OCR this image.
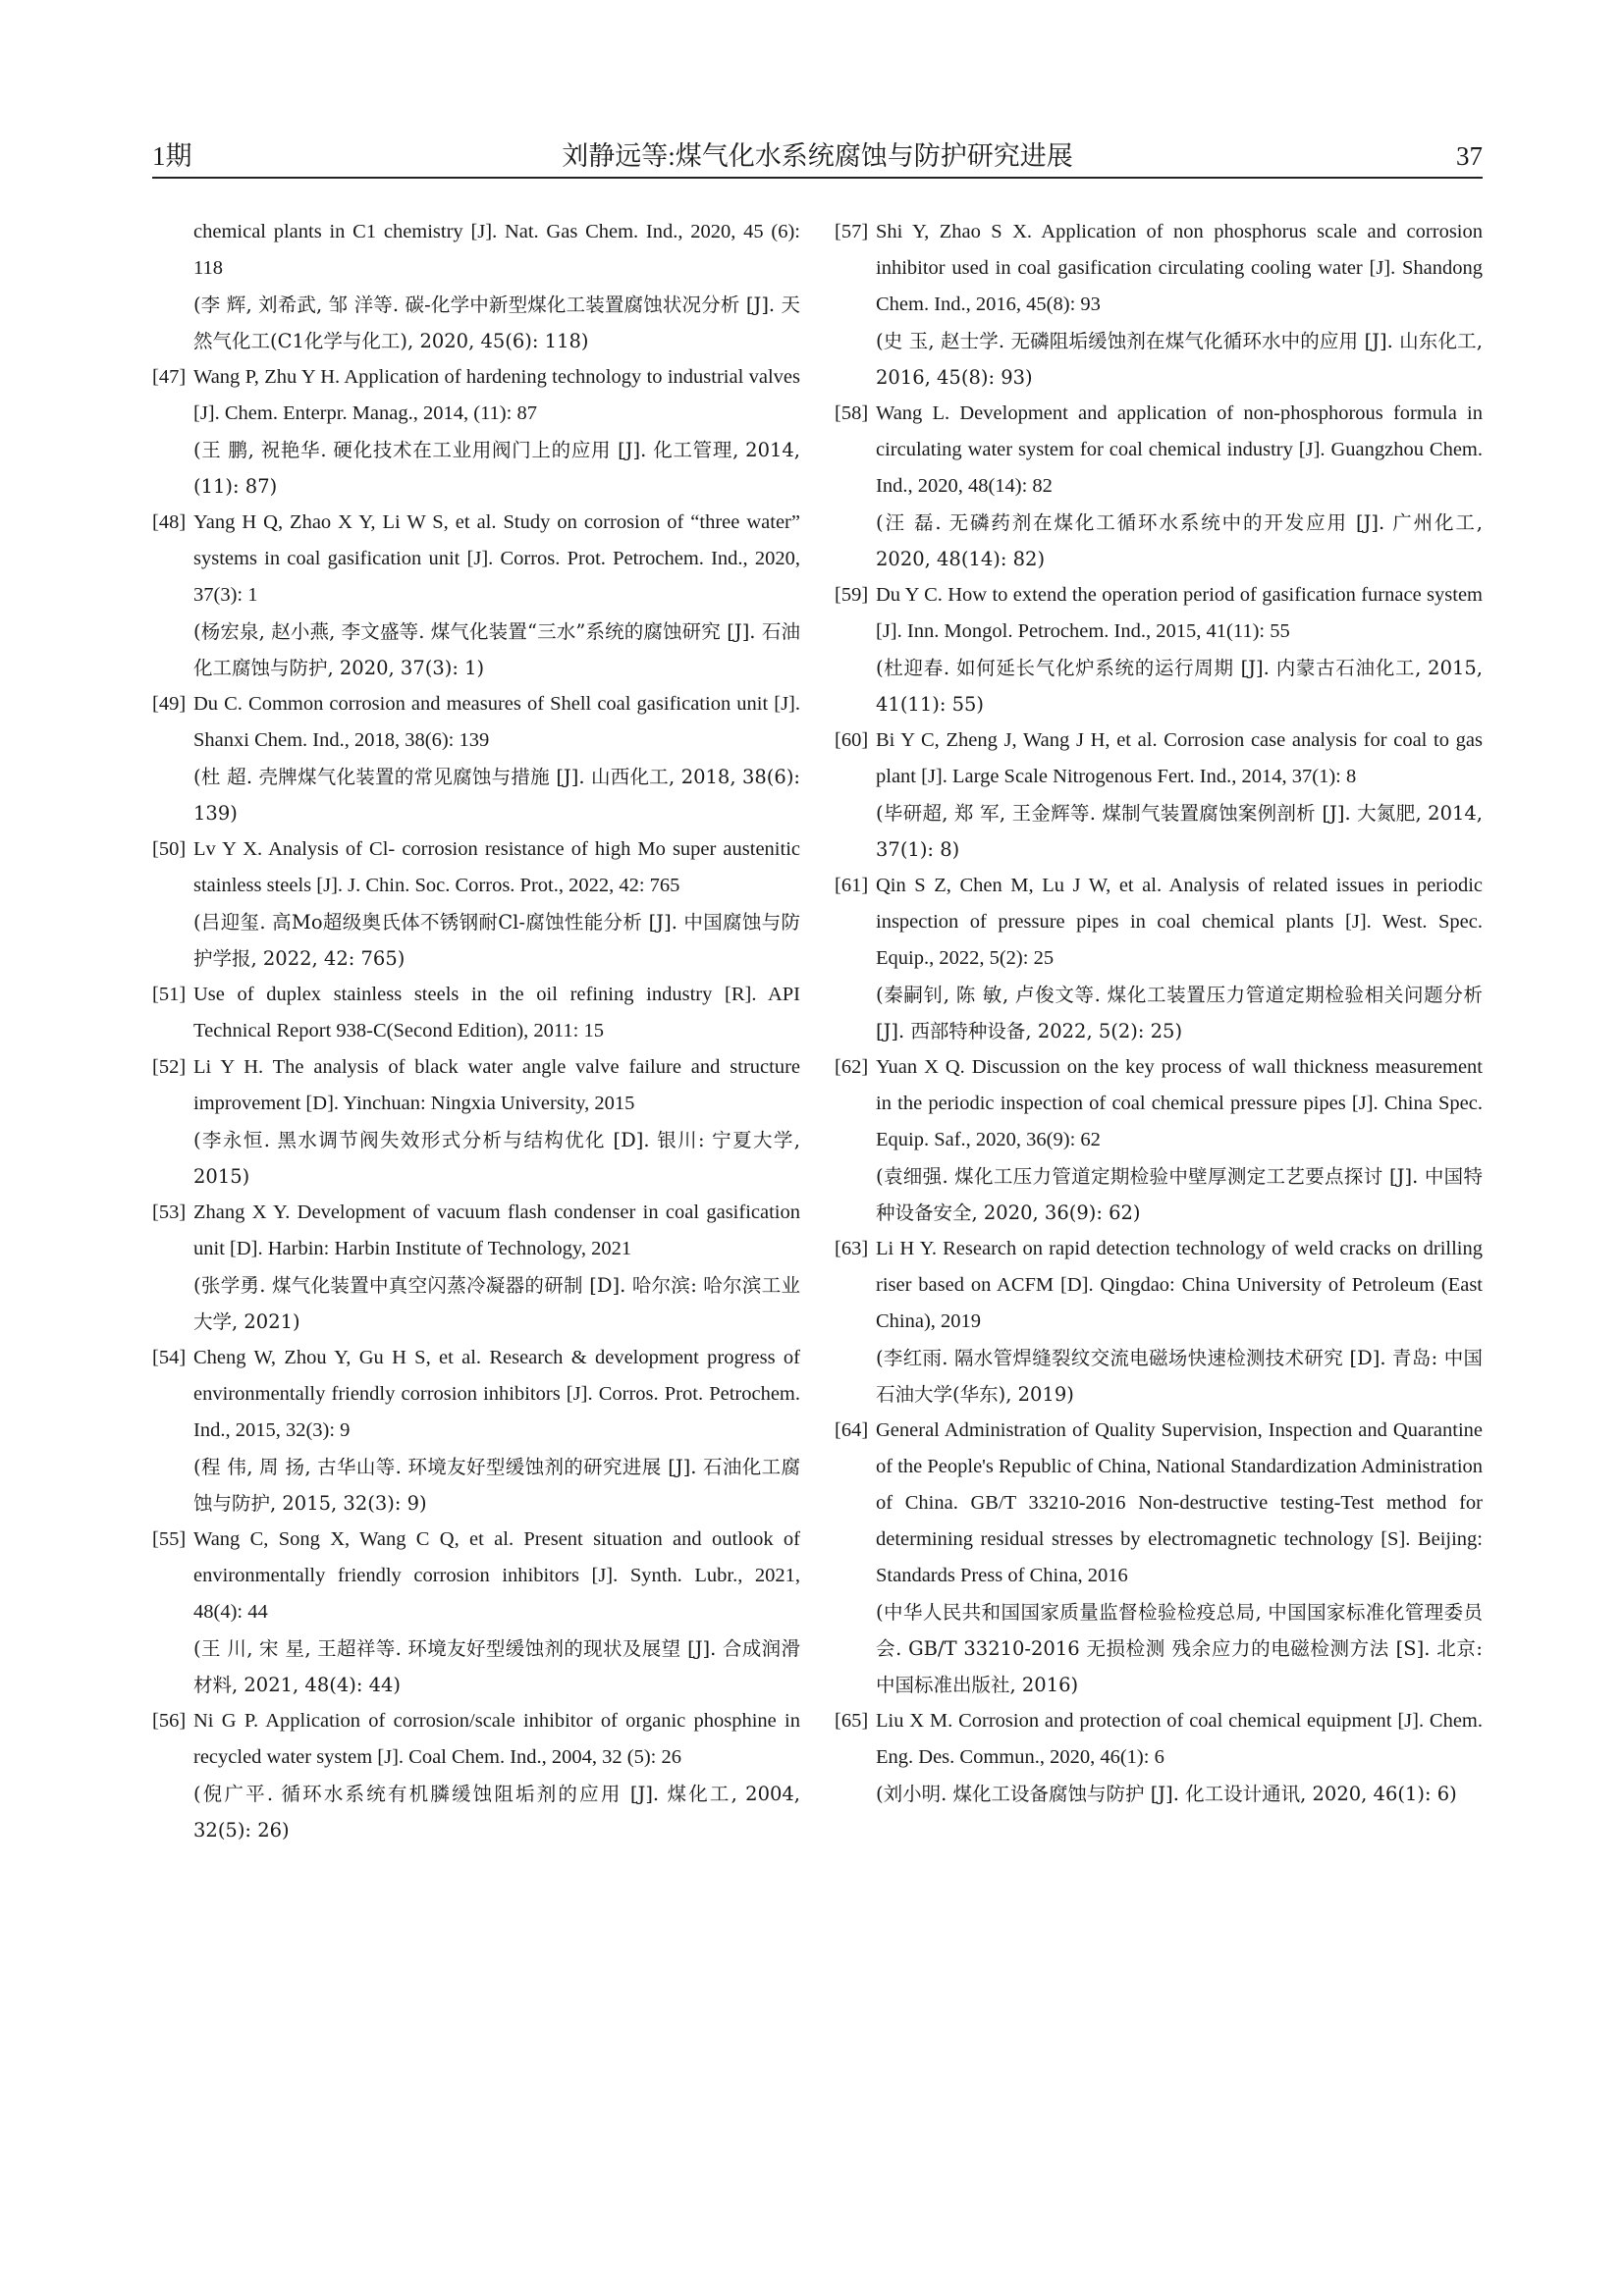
1期	刘静远等:煤气化水系统腐蚀与防护研究进展	37
chemical plants in C1 chemistry [J]. Nat. Gas Chem. Ind., 2020, 45 (6): 118
(李 辉, 刘希武, 邹 洋等. 碳-化学中新型煤化工装置腐蚀状况分析 [J]. 天然气化工(C1化学与化工), 2020, 45(6): 118)
[47] Wang P, Zhu Y H. Application of hardening technology to industrial valves [J]. Chem. Enterpr. Manag., 2014, (11): 87
(王 鹏, 祝艳华. 硬化技术在工业用阀门上的应用 [J]. 化工管理, 2014, (11): 87)
[48] Yang H Q, Zhao X Y, Li W S, et al. Study on corrosion of “three water” systems in coal gasification unit [J]. Corros. Prot. Petrochem. Ind., 2020, 37(3): 1
(杨宏泉, 赵小燕, 李文盛等. 煤气化装置“三水”系统的腐蚀研究 [J]. 石油化工腐蚀与防护, 2020, 37(3): 1)
[49] Du C. Common corrosion and measures of Shell coal gasification unit [J]. Shanxi Chem. Ind., 2018, 38(6): 139
(杜 超. 壳牌煤气化装置的常见腐蚀与措施 [J]. 山西化工, 2018, 38(6): 139)
[50] Lv Y X. Analysis of Cl- corrosion resistance of high Mo super austenitic stainless steels [J]. J. Chin. Soc. Corros. Prot., 2022, 42: 765
(吕迎玺. 高Mo超级奥氏体不锈钢耐Cl-腐蚀性能分析 [J]. 中国腐蚀与防护学报, 2022, 42: 765)
[51] Use of duplex stainless steels in the oil refining industry [R]. API Technical Report 938-C(Second Edition), 2011: 15
[52] Li Y H. The analysis of black water angle valve failure and structure improvement [D]. Yinchuan: Ningxia University, 2015
(李永恒. 黑水调节阀失效形式分析与结构优化 [D]. 银川: 宁夏大学, 2015)
[53] Zhang X Y. Development of vacuum flash condenser in coal gasification unit [D]. Harbin: Harbin Institute of Technology, 2021
(张学勇. 煤气化装置中真空闪蒸冷凝器的研制 [D]. 哈尔滨: 哈尔滨工业大学, 2021)
[54] Cheng W, Zhou Y, Gu H S, et al. Research & development progress of environmentally friendly corrosion inhibitors [J]. Corros. Prot. Petrochem. Ind., 2015, 32(3): 9
(程 伟, 周 扬, 古华山等. 环境友好型缓蚀剂的研究进展 [J]. 石油化工腐蚀与防护, 2015, 32(3): 9)
[55] Wang C, Song X, Wang C Q, et al. Present situation and outlook of environmentally friendly corrosion inhibitors [J]. Synth. Lubr., 2021, 48(4): 44
(王 川, 宋 星, 王超祥等. 环境友好型缓蚀剂的现状及展望 [J]. 合成润滑材料, 2021, 48(4): 44)
[56] Ni G P. Application of corrosion/scale inhibitor of organic phosphine in recycled water system [J]. Coal Chem. Ind., 2004, 32 (5): 26
(倪广平. 循环水系统有机膦缓蚀阻垢剂的应用 [J]. 煤化工, 2004, 32(5): 26)
[57] Shi Y, Zhao S X. Application of non phosphorus scale and corrosion inhibitor used in coal gasification circulating cooling water [J]. Shandong Chem. Ind., 2016, 45(8): 93
(史 玉, 赵士学. 无磷阻垢缓蚀剂在煤气化循环水中的应用 [J]. 山东化工, 2016, 45(8): 93)
[58] Wang L. Development and application of non-phosphorous formula in circulating water system for coal chemical industry [J]. Guangzhou Chem. Ind., 2020, 48(14): 82
(汪 磊. 无磷药剂在煤化工循环水系统中的开发应用 [J]. 广州化工, 2020, 48(14): 82)
[59] Du Y C. How to extend the operation period of gasification furnace system [J]. Inn. Mongol. Petrochem. Ind., 2015, 41(11): 55
(杜迎春. 如何延长气化炉系统的运行周期 [J]. 内蒙古石油化工, 2015, 41(11): 55)
[60] Bi Y C, Zheng J, Wang J H, et al. Corrosion case analysis for coal to gas plant [J]. Large Scale Nitrogenous Fert. Ind., 2014, 37(1): 8
(毕研超, 郑 军, 王金辉等. 煤制气装置腐蚀案例剖析 [J]. 大氮肥, 2014, 37(1): 8)
[61] Qin S Z, Chen M, Lu J W, et al. Analysis of related issues in periodic inspection of pressure pipes in coal chemical plants [J]. West. Spec. Equip., 2022, 5(2): 25
(秦嗣钊, 陈 敏, 卢俊文等. 煤化工装置压力管道定期检验相关问题分析 [J]. 西部特种设备, 2022, 5(2): 25)
[62] Yuan X Q. Discussion on the key process of wall thickness measurement in the periodic inspection of coal chemical pressure pipes [J]. China Spec. Equip. Saf., 2020, 36(9): 62
(袁细强. 煤化工压力管道定期检验中壁厚测定工艺要点探讨 [J]. 中国特种设备安全, 2020, 36(9): 62)
[63] Li H Y. Research on rapid detection technology of weld cracks on drilling riser based on ACFM [D]. Qingdao: China University of Petroleum (East China), 2019
(李红雨. 隔水管焊缝裂纹交流电磁场快速检测技术研究 [D]. 青岛: 中国石油大学(华东), 2019)
[64] General Administration of Quality Supervision, Inspection and Quarantine of the People's Republic of China, National Standardization Administration of China. GB/T 33210-2016 Non-destructive testing-Test method for determining residual stresses by electromagnetic technology [S]. Beijing: Standards Press of China, 2016
(中华人民共和国国家质量监督检验检疫总局, 中国国家标准化管理委员会. GB/T 33210-2016 无损检测 残余应力的电磁检测方法 [S]. 北京: 中国标准出版社, 2016)
[65] Liu X M. Corrosion and protection of coal chemical equipment [J]. Chem. Eng. Des. Commun., 2020, 46(1): 6
(刘小明. 煤化工设备腐蚀与防护 [J]. 化工设计通讯, 2020, 46(1): 6)
